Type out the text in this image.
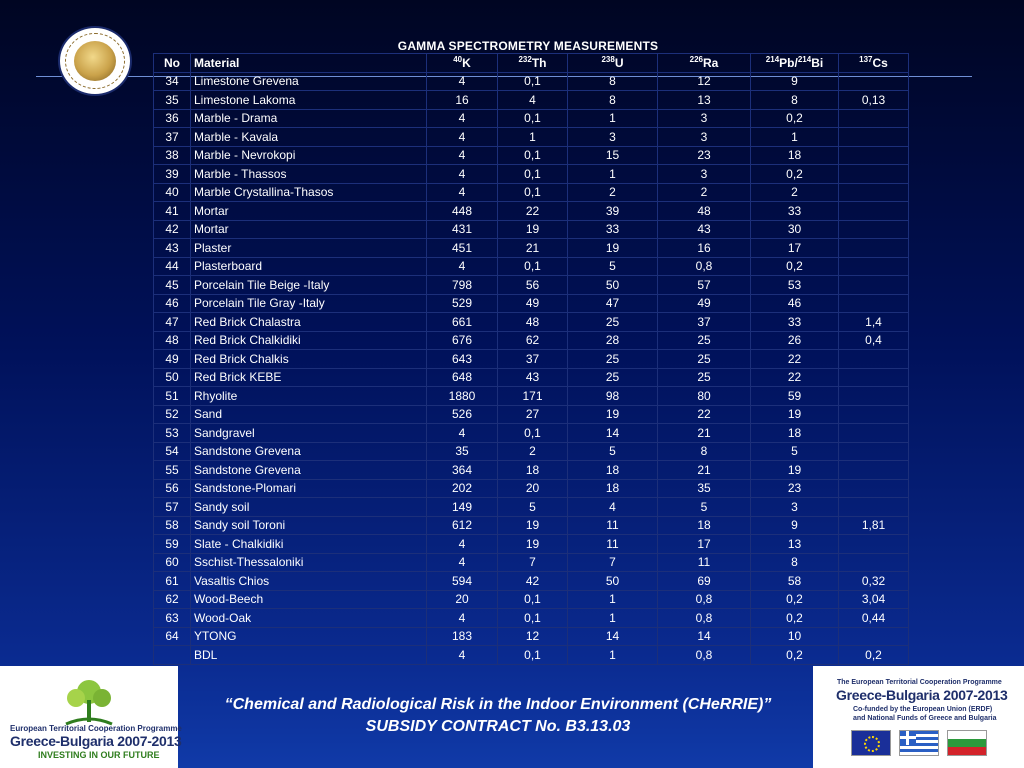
GAMMA SPECTROMETRY MEASUREMENTS
No	Material	$^{40}$K	$^{232}$Th	$^{238}$U	$^{226}$Ra	$^{214}$Pb/$^{214}$Bi	$^{137}$Cs
34	Limestone Grevena	4	0,1	8	12	9	
35	Limestone Lakoma	16	4	8	13	8	0,13
36	Marble - Drama	4	0,1	1	3	0,2	
37	Marble - Kavala	4	1	3	3	1	
38	Marble - Nevrokopi	4	0,1	15	23	18	
39	Marble - Thassos	4	0,1	1	3	0,2	
40	Marble Crystallina-Thasos	4	0,1	2	2	2	
41	Mortar	448	22	39	48	33	
42	Mortar	431	19	33	43	30	
43	Plaster	451	21	19	16	17	
44	Plasterboard	4	0,1	5	0,8	0,2	
45	Porcelain Tile Beige -Italy	798	56	50	57	53	
46	Porcelain Tile Gray -Italy	529	49	47	49	46	
47	Red Brick Chalastra	661	48	25	37	33	1,4
48	Red Brick Chalkidiki	676	62	28	25	26	0,4
49	Red Brick Chalkis	643	37	25	25	22	
50	Red Brick KEBE	648	43	25	25	22	
51	Rhyolite	1880	171	98	80	59	
52	Sand	526	27	19	22	19	
53	Sandgravel	4	0,1	14	21	18	
54	Sandstone Grevena	35	2	5	8	5	
55	Sandstone Grevena	364	18	18	21	19	
56	Sandstone-Plomari	202	20	18	35	23	
57	Sandy soil	149	5	4	5	3	
58	Sandy soil Toroni	612	19	11	18	9	1,81
59	Slate - Chalkidiki	4	19	11	17	13	
60	Sschist-Thessaloniki	4	7	7	11	8	
61	Vasaltis Chios	594	42	50	69	58	0,32
62	Wood-Beech	20	0,1	1	0,8	0,2	3,04
63	Wood-Oak	4	0,1	1	0,8	0,2	0,44
64	YTONG	183	12	14	14	10	
	BDL	4	0,1	1	0,8	0,2	0,2
European Territorial Cooperation Programme
Greece-Bulgaria 2007-2013
INVESTING IN OUR FUTURE
“Chemical and Radiological Risk in the Indoor Environment (CHeRRIE)”
SUBSIDY CONTRACT No. B3.13.03
The European Territorial Cooperation Programme
Greece-Bulgaria 2007-2013
Co-funded by the European Union (ERDF)
and National Funds of Greece and Bulgaria
